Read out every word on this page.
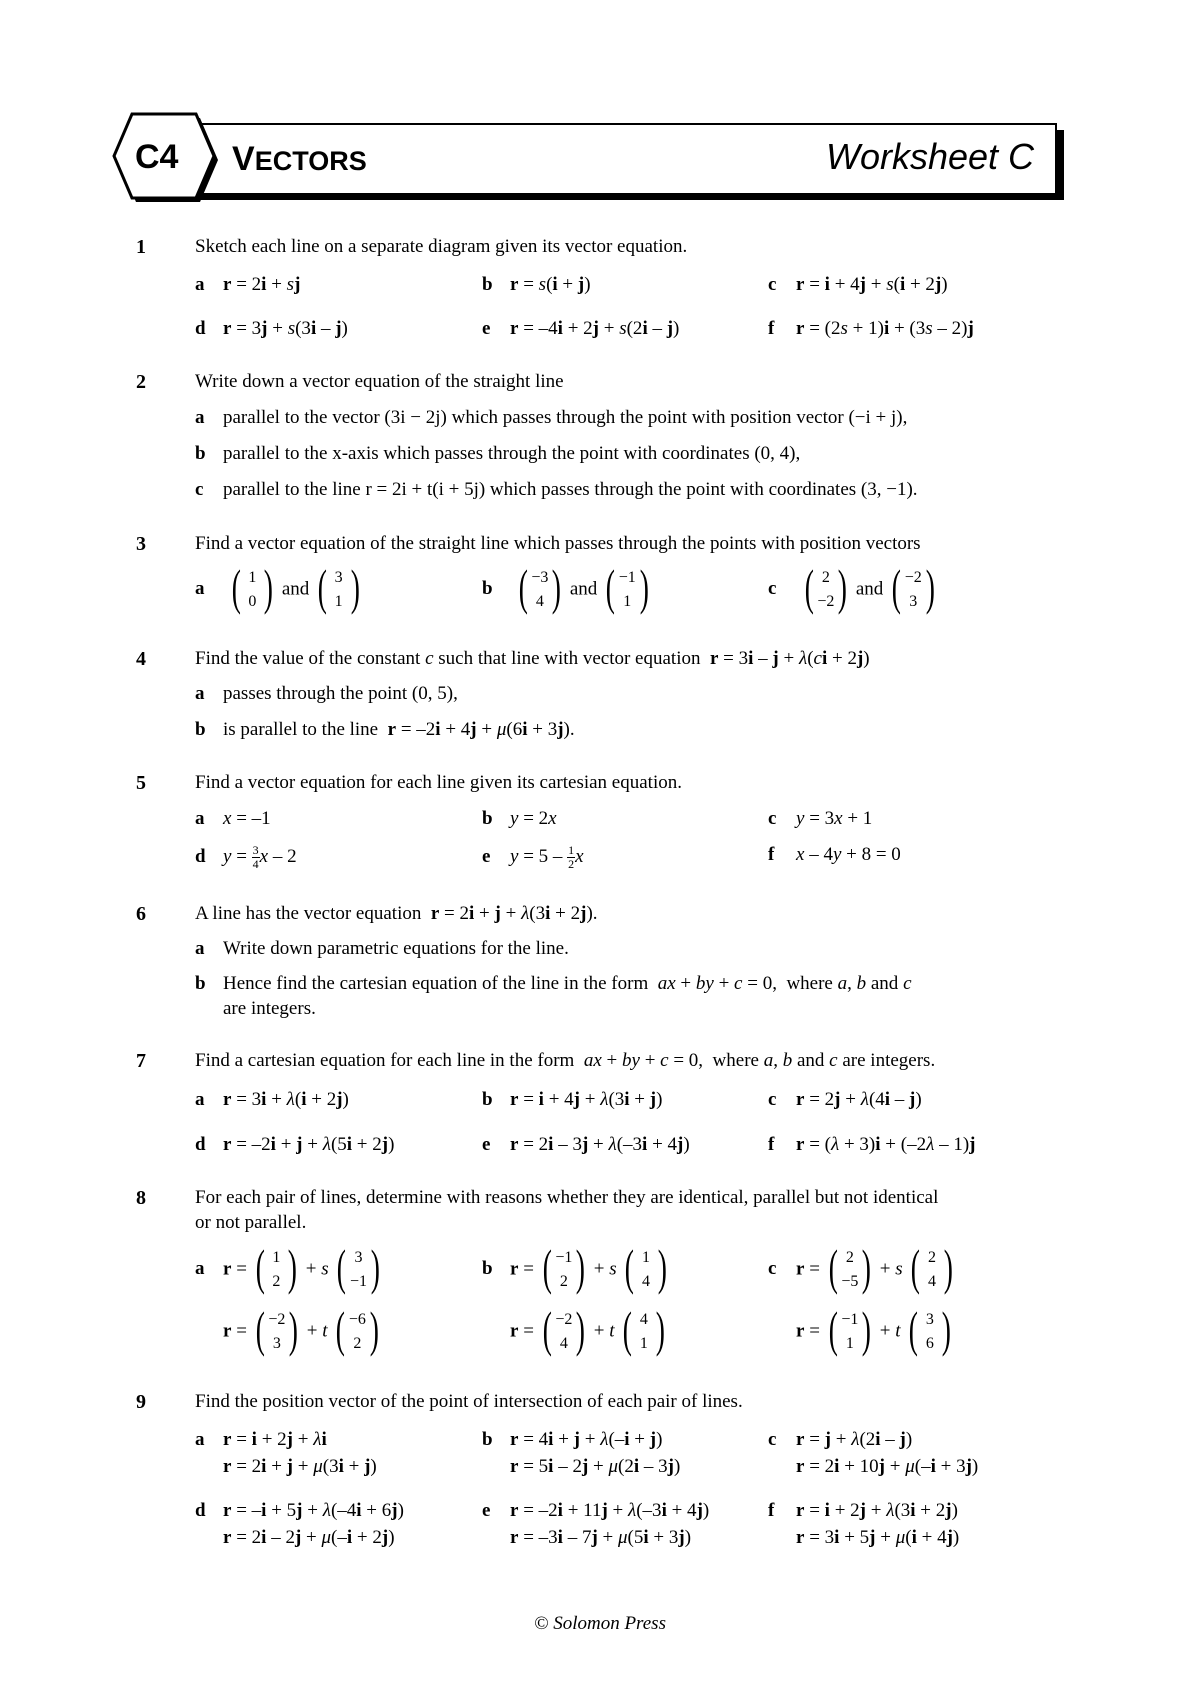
C4 VECTORS	Worksheet C
1	Sketch each line on a separate diagram given its vector equation.
a r = 2i + sj	b r = s(i + j)	c r = i + 4j + s(i + 2j)
d r = 3j + s(3i – j)	e r = –4i + 2j + s(2i – j)	f r = (2s + 1)i + (3s – 2)j
2	Write down a vector equation of the straight line
a parallel to the vector (3i − 2j) which passes through the point with position vector (−i + j),
b parallel to the x-axis which passes through the point with coordinates (0, 4),
c parallel to the line r = 2i + t(i + 5j) which passes through the point with coordinates (3, −1).
3	Find a vector equation of the straight line which passes through the points with position vectors
a ( 1
0 ) and ( 3
1 )	b ( −3
4 ) and ( −1
1 )	c ( 2
−2 ) and ( −2
3 )
4	Find the value of the constant c such that line with vector equation  r = 3i – j + λ(ci + 2j)
a passes through the point (0, 5),
b is parallel to the line r = –2i + 4j + μ(6i + 3j).
5	Find a vector equation for each line given its cartesian equation.
a x = –1	b y = 2x	c y = 3x + 1
d $y = \frac{3}{4}$ x – 2	e $y = 5 - \frac{1}{2}$ x	f x – 4y + 8 = 0
6	A line has the vector equation r = 2i + j + λ(3i + 2j).
a Write down parametric equations for the line.
b Hence find the cartesian equation of the line in the form ax + by + c = 0,  where a, b and c
are integers.
7	Find a cartesian equation for each line in the form ax + by + c = 0,  where a, b and c are integers.
a r = 3i + λ(i + 2j)	b r = i + 4j + λ(3i + j)	c r = 2j + λ(4i – j)
d r = –2i + j + λ(5i + 2j)	e r = 2i – 3j + λ(–3i + 4j)	f r = (λ + 3)i + (–2λ – 1)j
8	For each pair of lines, determine with reasons whether they are identical, parallel but not identical
or not parallel.
a r = ( 1
2 ) + s ( 3
−1 )
r = ( −2
3 ) + t ( −6
2 )
b r = ( −1
2 ) + s ( 1
4 )
r = ( −2
4 ) + t ( 4
1 )
c r = ( 2
−5 ) + s ( 2
4 )
r = ( −1
1 ) + t ( 3
6 )
9	Find the position vector of the point of intersection of each pair of lines.
a r = i + 2j + λi
r = 2i + j + μ(3i + j)
b r = 4i + j + λ(–i + j)
r = 5i – 2j + μ(2i – 3j)
c r = j + λ(2i – j)
r = 2i + 10j + μ(–i + 3j)
d r = –i + 5j + λ(–4i + 6j)
r = 2i – 2j + μ(–i + 2j)
e r = –2i + 11j + λ(–3i + 4j)
r = –3i – 7j + μ(5i + 3j)
f r = i + 2j + λ(3i + 2j)
r = 3i + 5j + μ(i + 4j)
© Solomon Press
